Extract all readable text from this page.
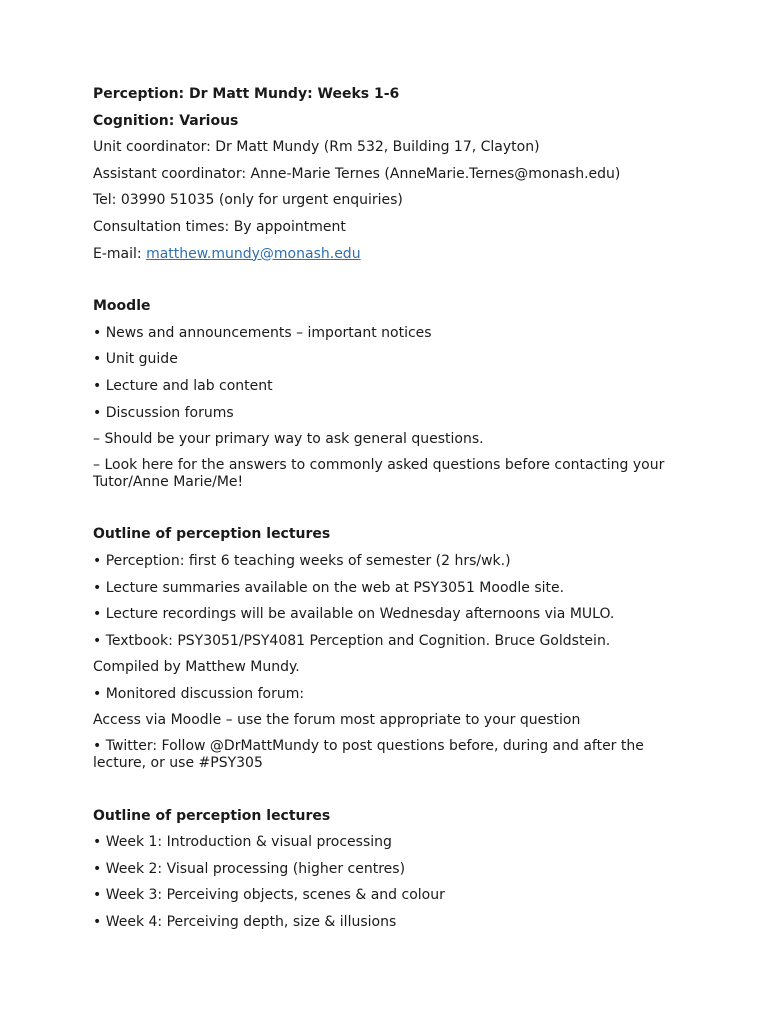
Perception: Dr Matt Mundy: Weeks 1-6
Cognition: Various
Unit coordinator: Dr Matt Mundy (Rm 532, Building 17, Clayton)
Assistant coordinator: Anne-Marie Ternes (AnneMarie.Ternes@monash.edu)
Tel: 03990 51035 (only for urgent enquiries)
Consultation times: By appointment
E-mail: matthew.mundy@monash.edu
Moodle
• News and announcements – important notices
• Unit guide
• Lecture and lab content
• Discussion forums
– Should be your primary way to ask general questions.
– Look here for the answers to commonly asked questions before contacting your Tutor/Anne Marie/Me!
Outline of perception lectures
• Perception: first 6 teaching weeks of semester (2 hrs/wk.)
• Lecture summaries available on the web at PSY3051 Moodle site.
• Lecture recordings will be available on Wednesday afternoons via MULO.
• Textbook: PSY3051/PSY4081 Perception and Cognition. Bruce Goldstein.
Compiled by Matthew Mundy.
• Monitored discussion forum:
Access via Moodle – use the forum most appropriate to your question
• Twitter: Follow @DrMattMundy to post questions before, during and after the lecture, or use #PSY305
Outline of perception lectures
• Week 1: Introduction & visual processing
• Week 2: Visual processing (higher centres)
• Week 3: Perceiving objects, scenes & and colour
• Week 4: Perceiving depth, size & illusions
